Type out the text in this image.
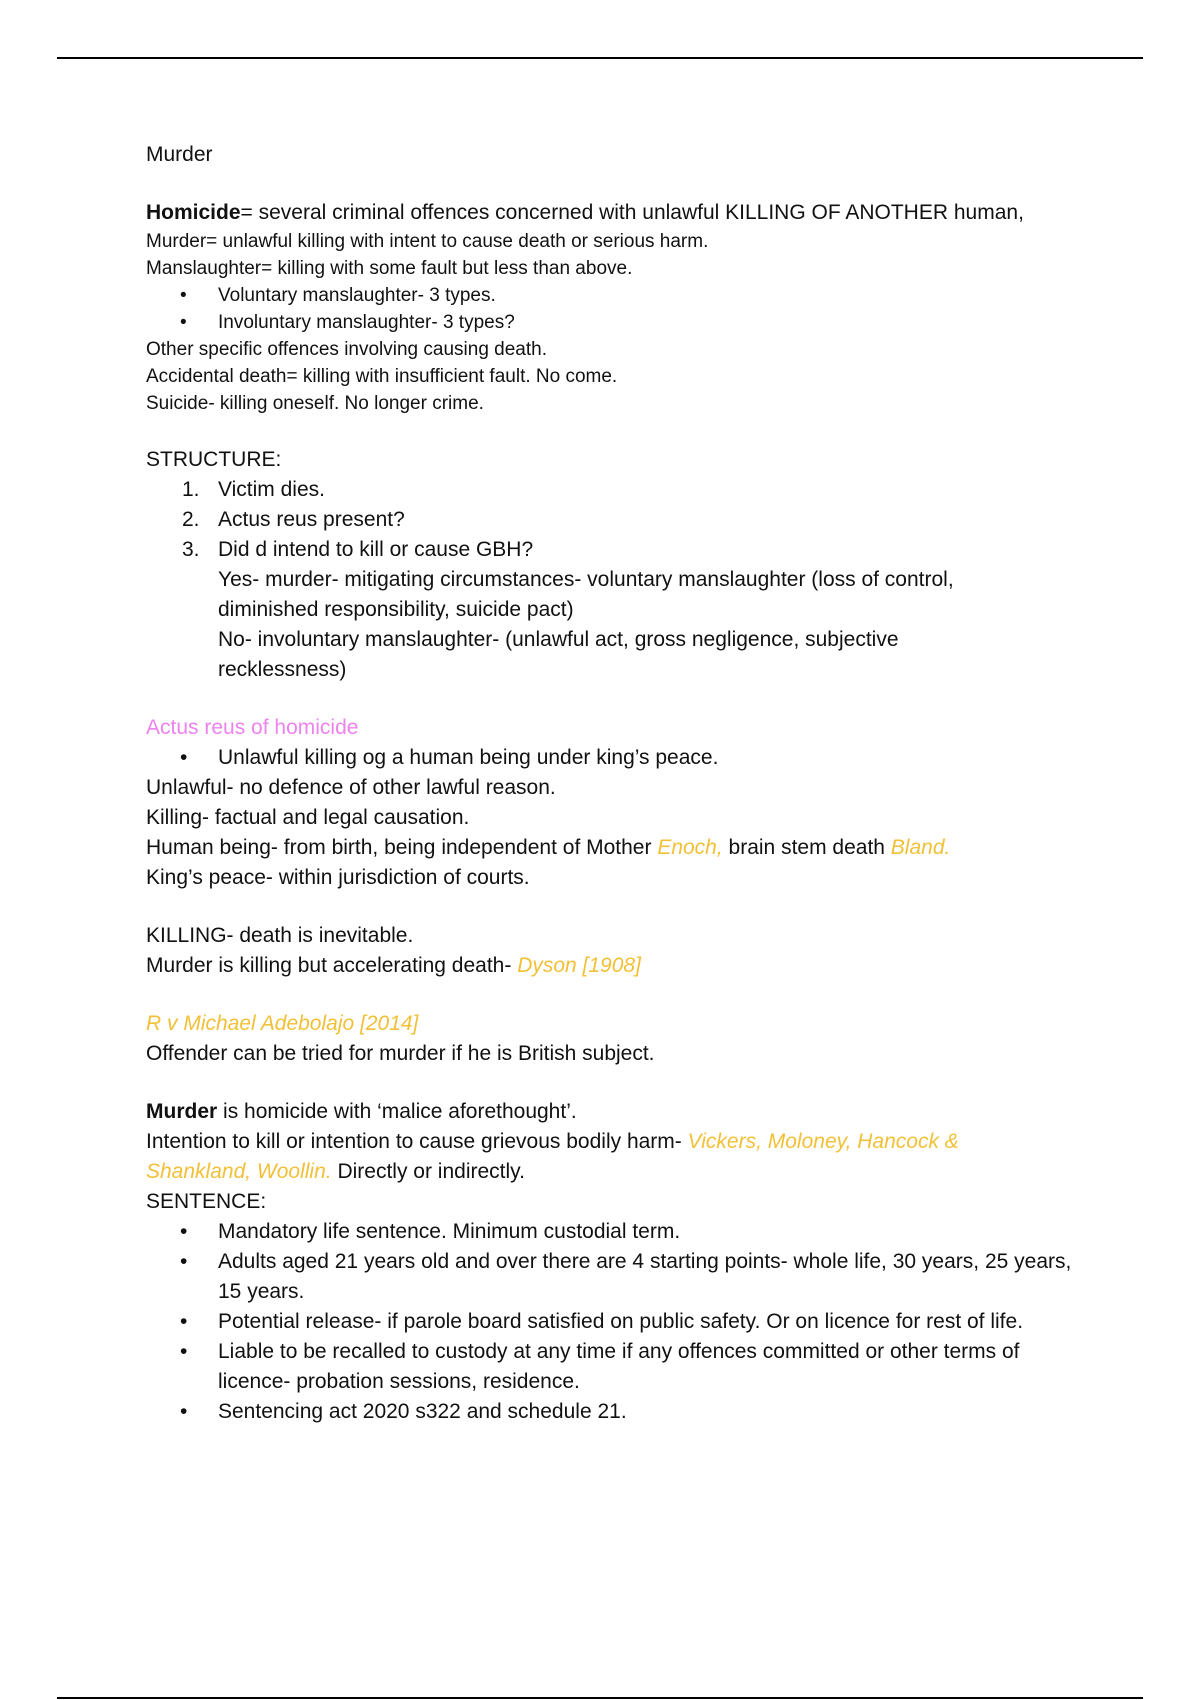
Murder
Homicide= several criminal offences concerned with unlawful KILLING OF ANOTHER human,
Murder= unlawful killing with intent to cause death or serious harm.
Manslaughter= killing with some fault but less than above.
• Voluntary manslaughter- 3 types.
• Involuntary manslaughter- 3 types?
Other specific offences involving causing death.
Accidental death= killing with insufficient fault. No come.
Suicide- killing oneself. No longer crime.
STRUCTURE:
1. Victim dies.
2. Actus reus present?
3. Did d intend to kill or cause GBH?
Yes- murder- mitigating circumstances- voluntary manslaughter (loss of control,
diminished responsibility, suicide pact)
No- involuntary manslaughter- (unlawful act, gross negligence, subjective
recklessness)
Actus reus of homicide
• Unlawful killing og a human being under king’s peace.
Unlawful- no defence of other lawful reason.
Killing- factual and legal causation.
Human being- from birth, being independent of Mother Enoch, brain stem death Bland.
King’s peace- within jurisdiction of courts.
KILLING- death is inevitable.
Murder is killing but accelerating death- Dyson [1908]
R v Michael Adebolajo [2014]
Offender can be tried for murder if he is British subject.
Murder is homicide with ‘malice aforethought’.
Intention to kill or intention to cause grievous bodily harm- Vickers, Moloney, Hancock &
Shankland, Woollin. Directly or indirectly.
SENTENCE:
• Mandatory life sentence. Minimum custodial term.
• Adults aged 21 years old and over there are 4 starting points- whole life, 30 years, 25 years, 15 years.
• Potential release- if parole board satisfied on public safety. Or on licence for rest of life.
• Liable to be recalled to custody at any time if any offences committed or other terms of licence- probation sessions, residence.
• Sentencing act 2020 s322 and schedule 21.
